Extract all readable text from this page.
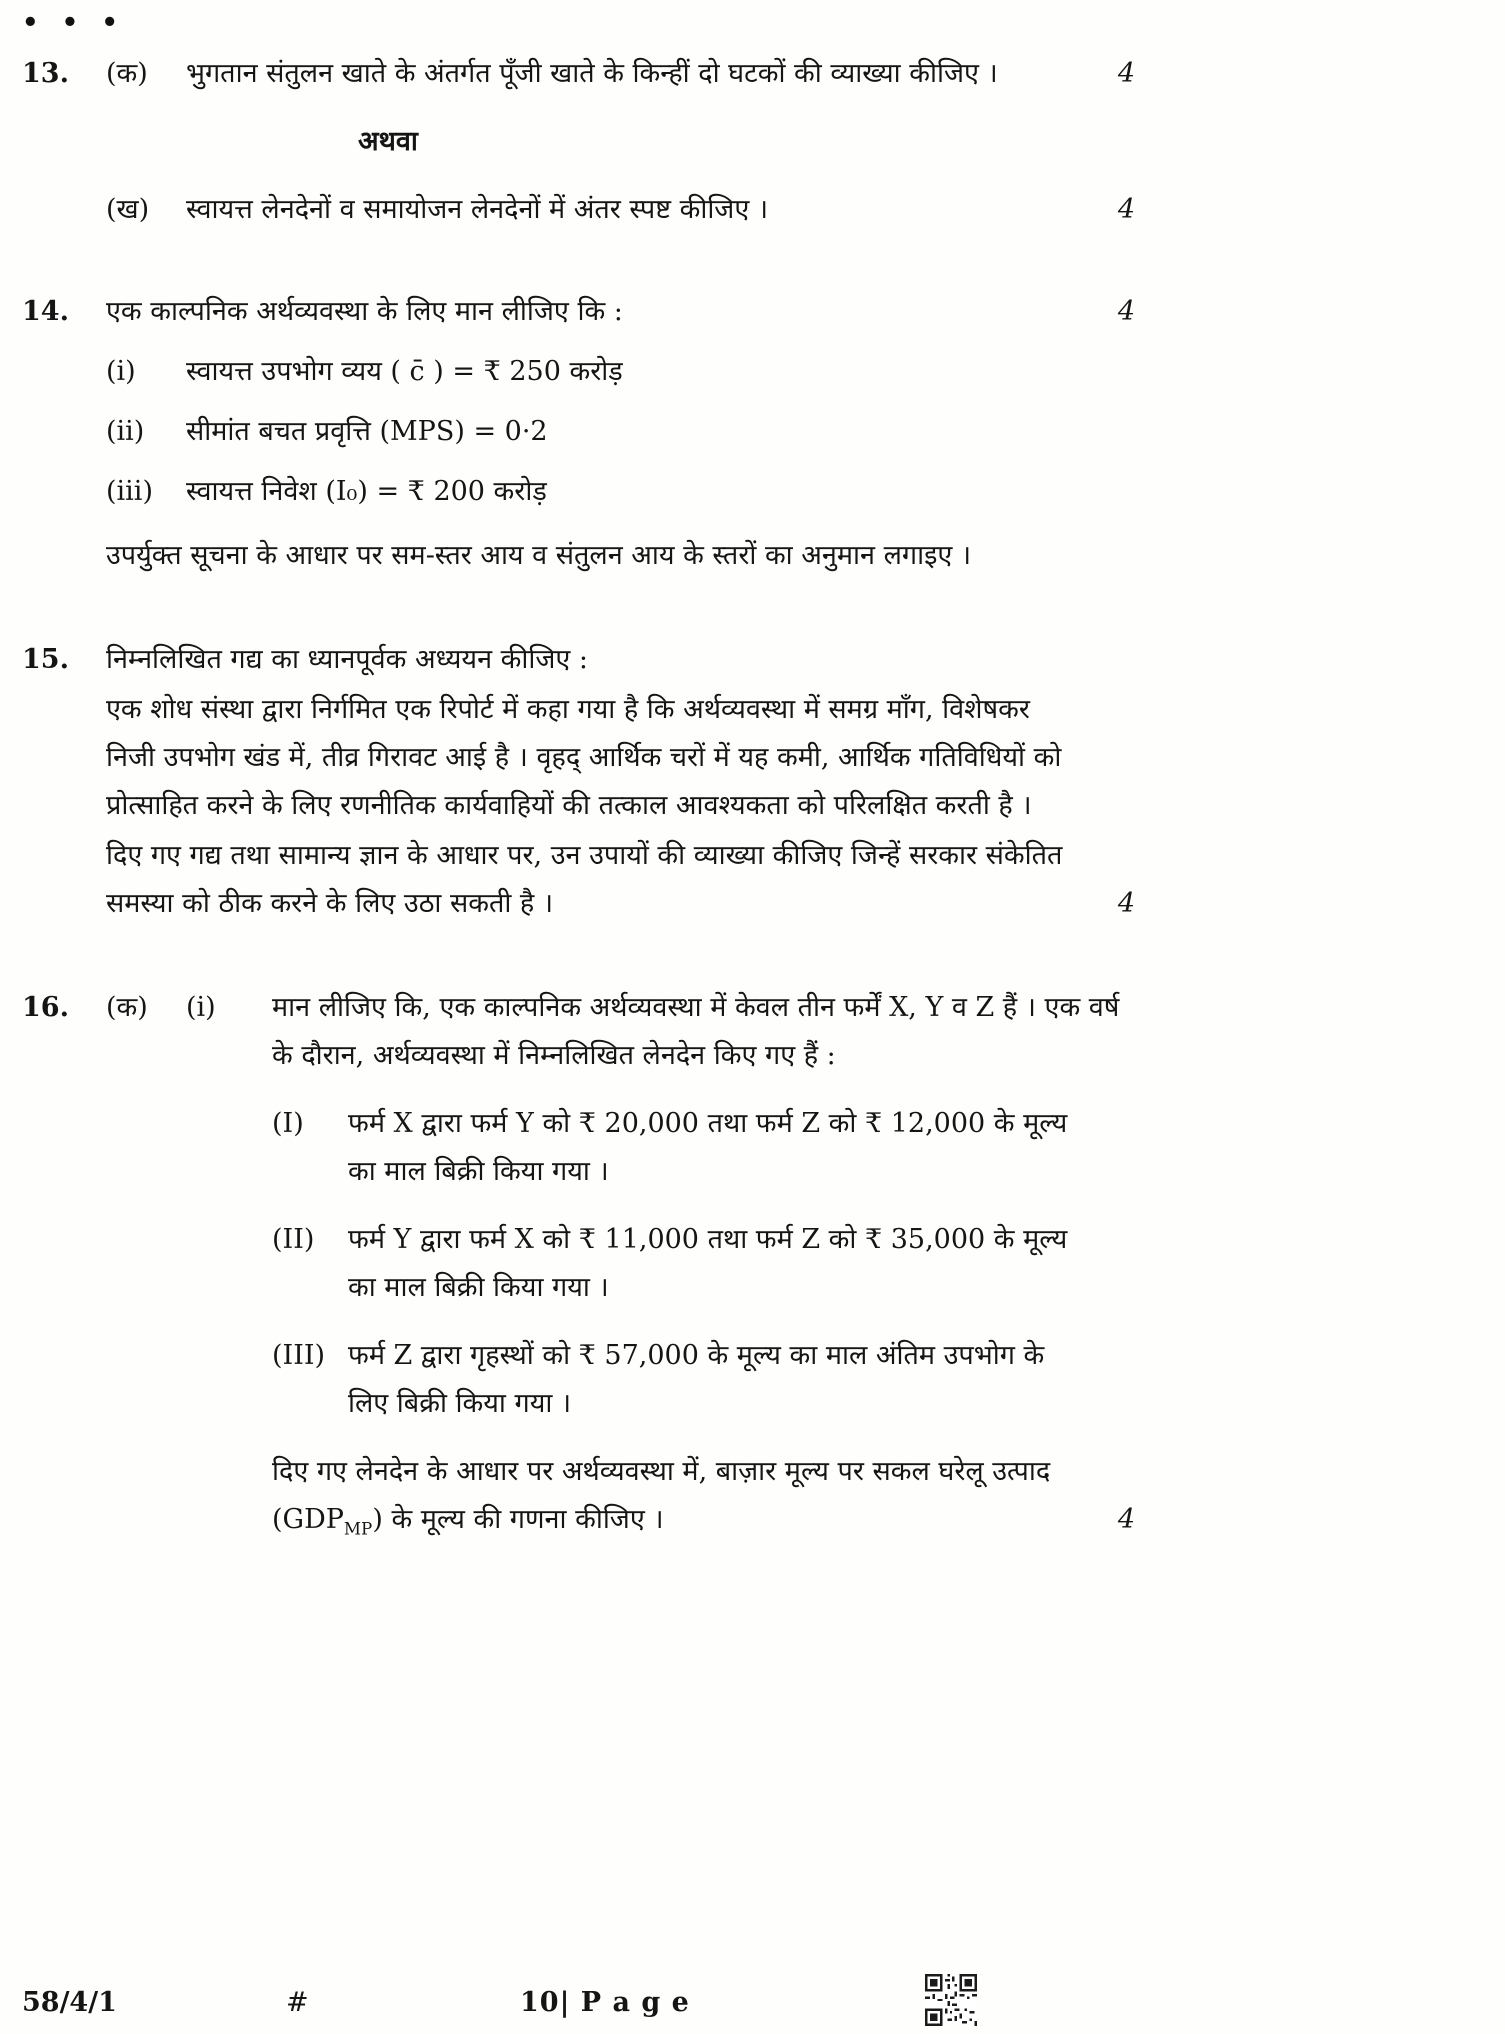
• • •
13.	(क)	भुगतान संतुलन खाते के अंतर्गत पूँजी खाते के किन्हीं दो घटकों की व्याख्या कीजिए ।	4
अथवा
(ख)	स्वायत्त लेनदेनों व समायोजन लेनदेनों में अंतर स्पष्ट कीजिए ।	4
14.	एक काल्पनिक अर्थव्यवस्था के लिए मान लीजिए कि :	4
(i)	स्वायत्त उपभोग व्यय ( c̄ ) = ₹ 250 करोड़
(ii)	सीमांत बचत प्रवृत्ति (MPS) = 0·2
(iii)	स्वायत्त निवेश (I₀) = ₹ 200 करोड़
उपर्युक्त सूचना के आधार पर सम-स्तर आय व संतुलन आय के स्तरों का अनुमान लगाइए ।
15.	निम्नलिखित गद्य का ध्यानपूर्वक अध्ययन कीजिए :
एक शोध संस्था द्वारा निर्गमित एक रिपोर्ट में कहा गया है कि अर्थव्यवस्था में समग्र माँग, विशेषकर निजी उपभोग खंड में, तीव्र गिरावट आई है । वृहद् आर्थिक चरों में यह कमी, आर्थिक गतिविधियों को प्रोत्साहित करने के लिए रणनीतिक कार्यवाहियों की तत्काल आवश्यकता को परिलक्षित करती है ।
दिए गए गद्य तथा सामान्य ज्ञान के आधार पर, उन उपायों की व्याख्या कीजिए जिन्हें सरकार संकेतित समस्या को ठीक करने के लिए उठा सकती है ।	4
16.	(क)	(i)	मान लीजिए कि, एक काल्पनिक अर्थव्यवस्था में केवल तीन फर्में X, Y व Z हैं । एक वर्ष के दौरान, अर्थव्यवस्था में निम्नलिखित लेनदेन किए गए हैं :
(I)	फर्म X द्वारा फर्म Y को ₹ 20,000 तथा फर्म Z को ₹ 12,000 के मूल्य का माल बिक्री किया गया ।
(II)	फर्म Y द्वारा फर्म X को ₹ 11,000 तथा फर्म Z को ₹ 35,000 के मूल्य का माल बिक्री किया गया ।
(III) फर्म Z द्वारा गृहस्थों को ₹ 57,000 के मूल्य का माल अंतिम उपभोग के लिए बिक्री किया गया ।
दिए गए लेनदेन के आधार पर अर्थव्यवस्था में, बाज़ार मूल्य पर सकल घरेलू उत्पाद $(GDP_{MP})$ के मूल्य की गणना कीजिए ।	4
58/4/1	#	10| P a g e
